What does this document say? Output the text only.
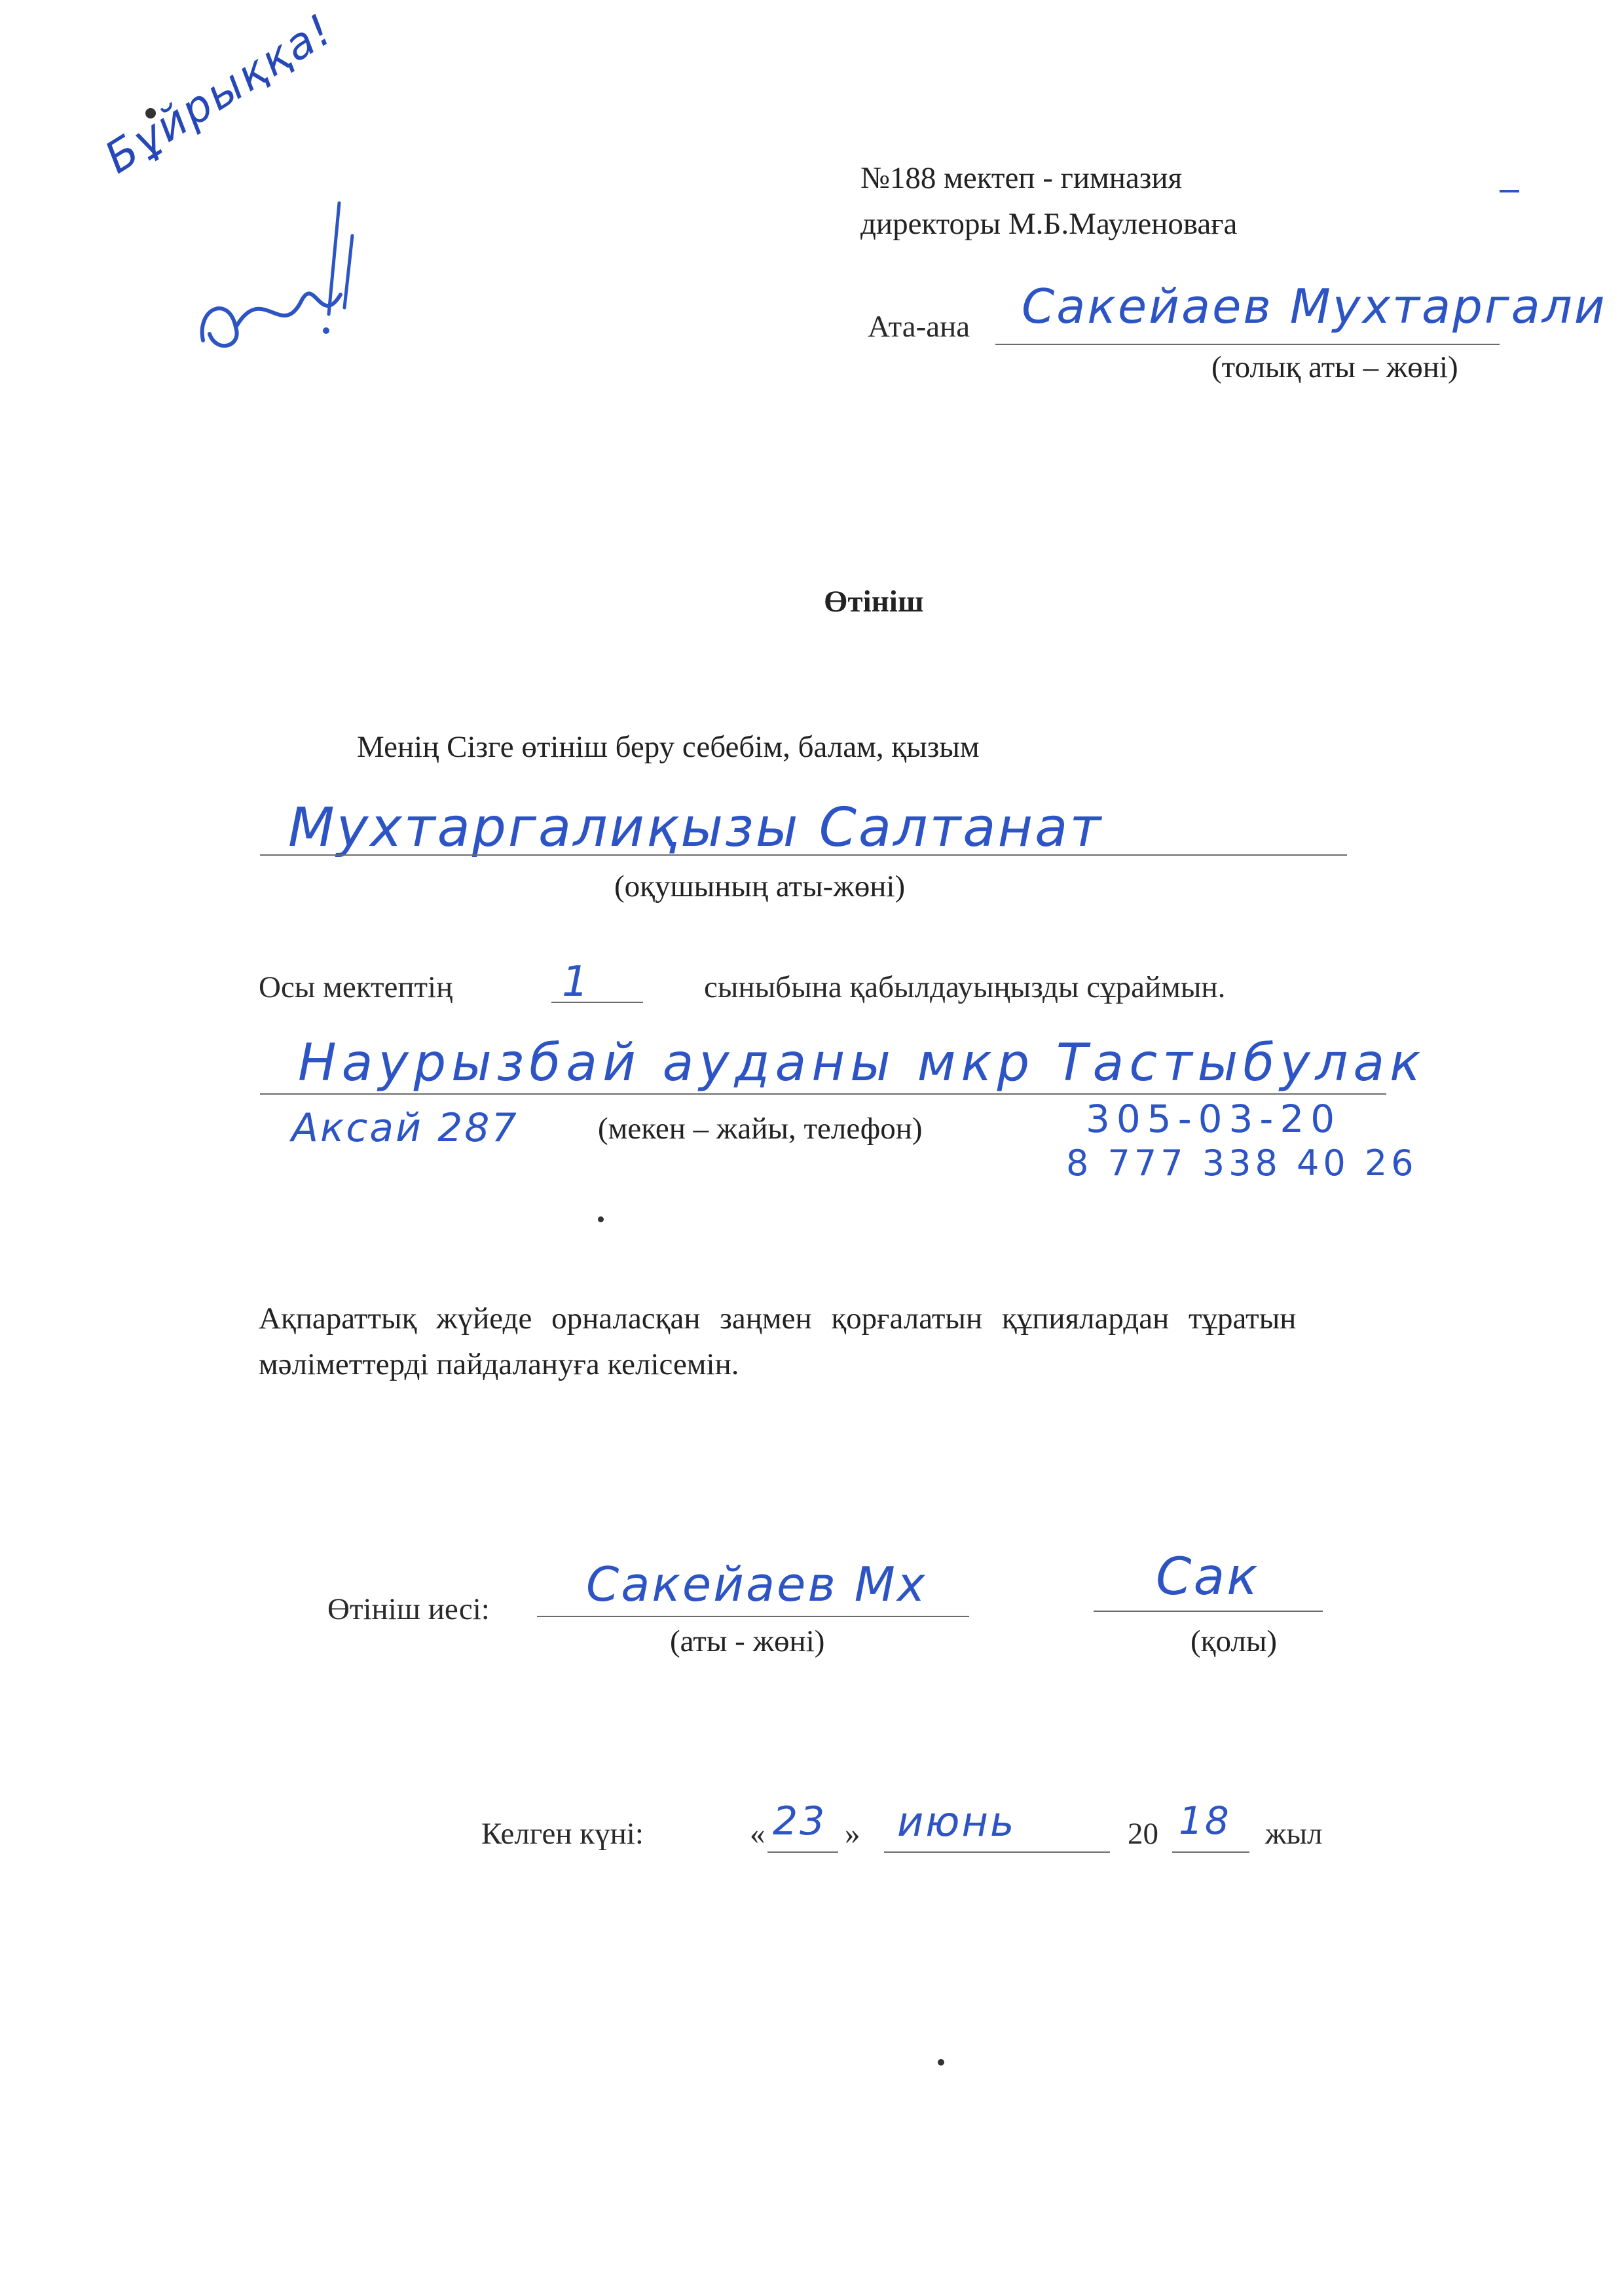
Бұйрыққа!	№188 мектеп - гимназия
директоры М.Б.Мауленоваға
Ата-ана Сакейаев Мухтаргали
(толық аты – жөні)
Өтініш
Менің Сізге өтініш беру себебім, балам, қызым
Мухтаргалиқызы Салтанат
(оқушының аты-жөні)
Осы мектептің	1	сыныбына қабылдауыңызды сұраймын.
Наурызбай ауданы мкр Тастыбулак
Аксай 287	(мекен – жайы, телефон)	305-03-20
8 777 338 40 26
Ақпараттық жүйеде орналасқан заңмен қорғалатын құпиялардан тұратын
мәліметтерді пайдалануға келісемін.
Өтініш иесі: Сакейаев Мх
(аты - жөні)
Сак
(қолы)
Келген күні:	« 23 » июнь	20 18 жыл
